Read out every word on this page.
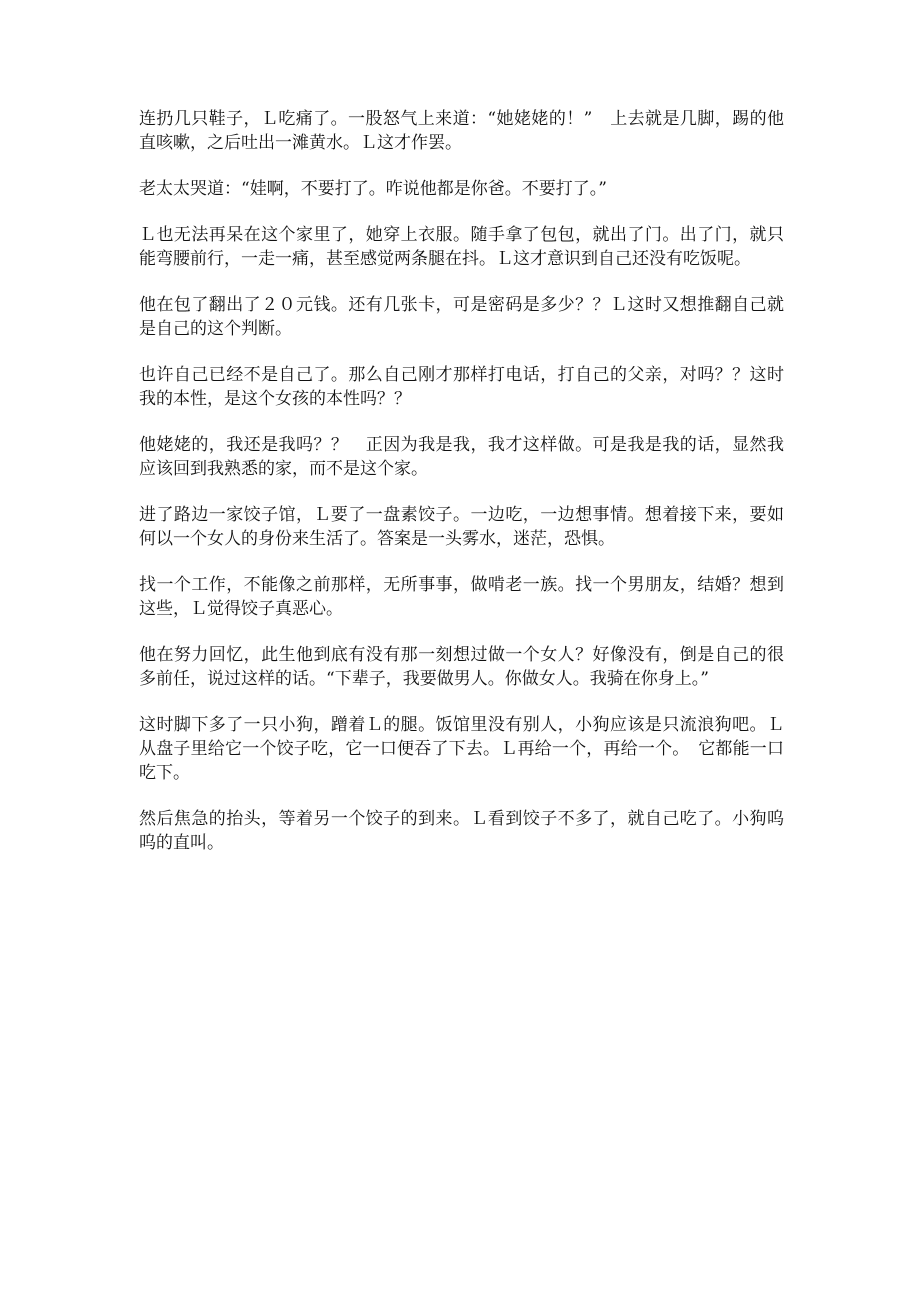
连扔几只鞋子，Ｌ吃痛了。一股怒气上来道：“她姥姥的！”　上去就是几脚，踢的他直咳嗽，之后吐出一滩黄水。Ｌ这才作罢。

老太太哭道：“娃啊，不要打了。咋说他都是你爸。不要打了。”

Ｌ也无法再呆在这个家里了，她穿上衣服。随手拿了包包，就出了门。出了门，就只能弯腰前行，一走一痛，甚至感觉两条腿在抖。Ｌ这才意识到自己还没有吃饭呢。

他在包了翻出了２０元钱。还有几张卡，可是密码是多少？？Ｌ这时又想推翻自己就是自己的这个判断。

也许自己已经不是自己了。那么自己刚才那样打电话，打自己的父亲，对吗？？这时我的本性，是这个女孩的本性吗？？

他姥姥的，我还是我吗？？　正因为我是我，我才这样做。可是我是我的话，显然我应该回到我熟悉的家，而不是这个家。

进了路边一家饺子馆，Ｌ要了一盘素饺子。一边吃，一边想事情。想着接下来，要如何以一个女人的身份来生活了。答案是一头雾水，迷茫，恐惧。

找一个工作，不能像之前那样，无所事事，做啃老一族。找一个男朋友，结婚？想到这些，Ｌ觉得饺子真恶心。

他在努力回忆，此生他到底有没有那一刻想过做一个女人？好像没有，倒是自己的很多前任，说过这样的话。“下辈子，我要做男人。你做女人。我骑在你身上。”

这时脚下多了一只小狗，蹭着Ｌ的腿。饭馆里没有别人，小狗应该是只流浪狗吧。Ｌ从盘子里给它一个饺子吃，它一口便吞了下去。Ｌ再给一个，再给一个。　它都能一口吃下。

然后焦急的抬头，等着另一个饺子的到来。Ｌ看到饺子不多了，就自己吃了。小狗呜呜的直叫。
